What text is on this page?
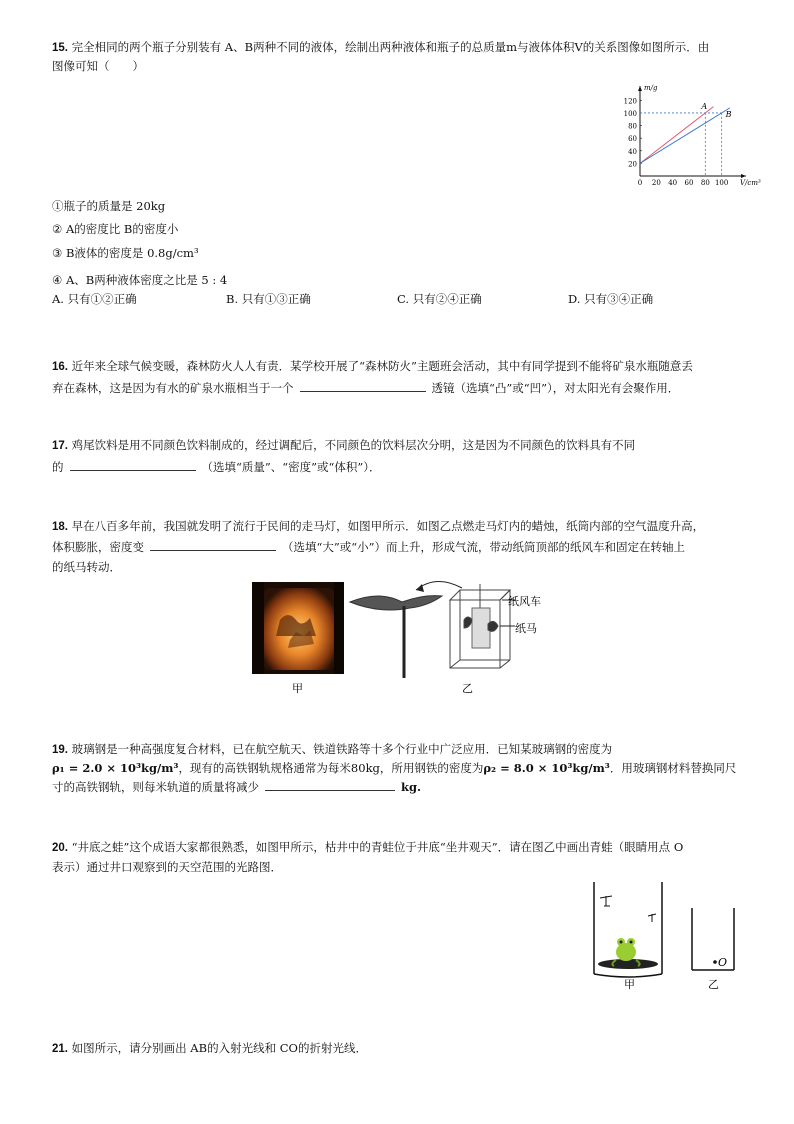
15. 完全相同的两个瓶子分别装有 A、B两种不同的液体，绘制出两种液体和瓶子的总质量m与液体体积V的关系图像如图所示．由
图像可知（　　）
20
40
60
80
100
120
0 20 40 60 80 100
m/g
V/cm³
A
B
①瓶子的质量是 20kg
② A的密度比 B的密度小
③ B液体的密度是 0.8g/cm³
④ A、B两种液体密度之比是 5 : 4
A. 只有①②正确	B. 只有①③正确	C. 只有②④正确	D. 只有③④正确
16. 近年来全球气候变暖，森林防火人人有责．某学校开展了“森林防火”主题班会活动，其中有同学提到不能将矿泉水瓶随意丢
弃在森林，这是因为有水的矿泉水瓶相当于一个	透镜（选填“凸”或“凹”），对太阳光有会聚作用．
17. 鸡尾饮料是用不同颜色饮料制成的，经过调配后，不同颜色的饮料层次分明，这是因为不同颜色的饮料具有不同
的	（选填“质量”、“密度”或“体积”）．
18. 早在八百多年前，我国就发明了流行于民间的走马灯，如图甲所示．如图乙点燃走马灯内的蜡烛，纸筒内部的空气温度升高，
体积膨胀，密度变	（选填“大”或“小”）而上升，形成气流，带动纸筒顶部的纸风车和固定在转轴上
的纸马转动．
纸风车
纸马
甲	乙
19. 玻璃钢是一种高强度复合材料，已在航空航天、铁道铁路等十多个行业中广泛应用．已知某玻璃钢的密度为
ρ₁ = 2.0 × 10³kg/m³，现有的高铁钢轨规格通常为每米80kg，所用钢铁的密度为ρ₂ = 8.0 × 10³kg/m³．用玻璃钢材料替换同尺
寸的高铁钢轨，则每米轨道的质量将减少	kg.
20. “井底之蛙”这个成语大家都很熟悉，如图甲所示，枯井中的青蛙位于井底“坐井观天”．请在图乙中画出青蛙（眼睛用点 O
表示）通过井口观察到的天空范围的光路图．
O
甲	乙
21. 如图所示，请分别画出 AB的入射光线和 CO的折射光线．
